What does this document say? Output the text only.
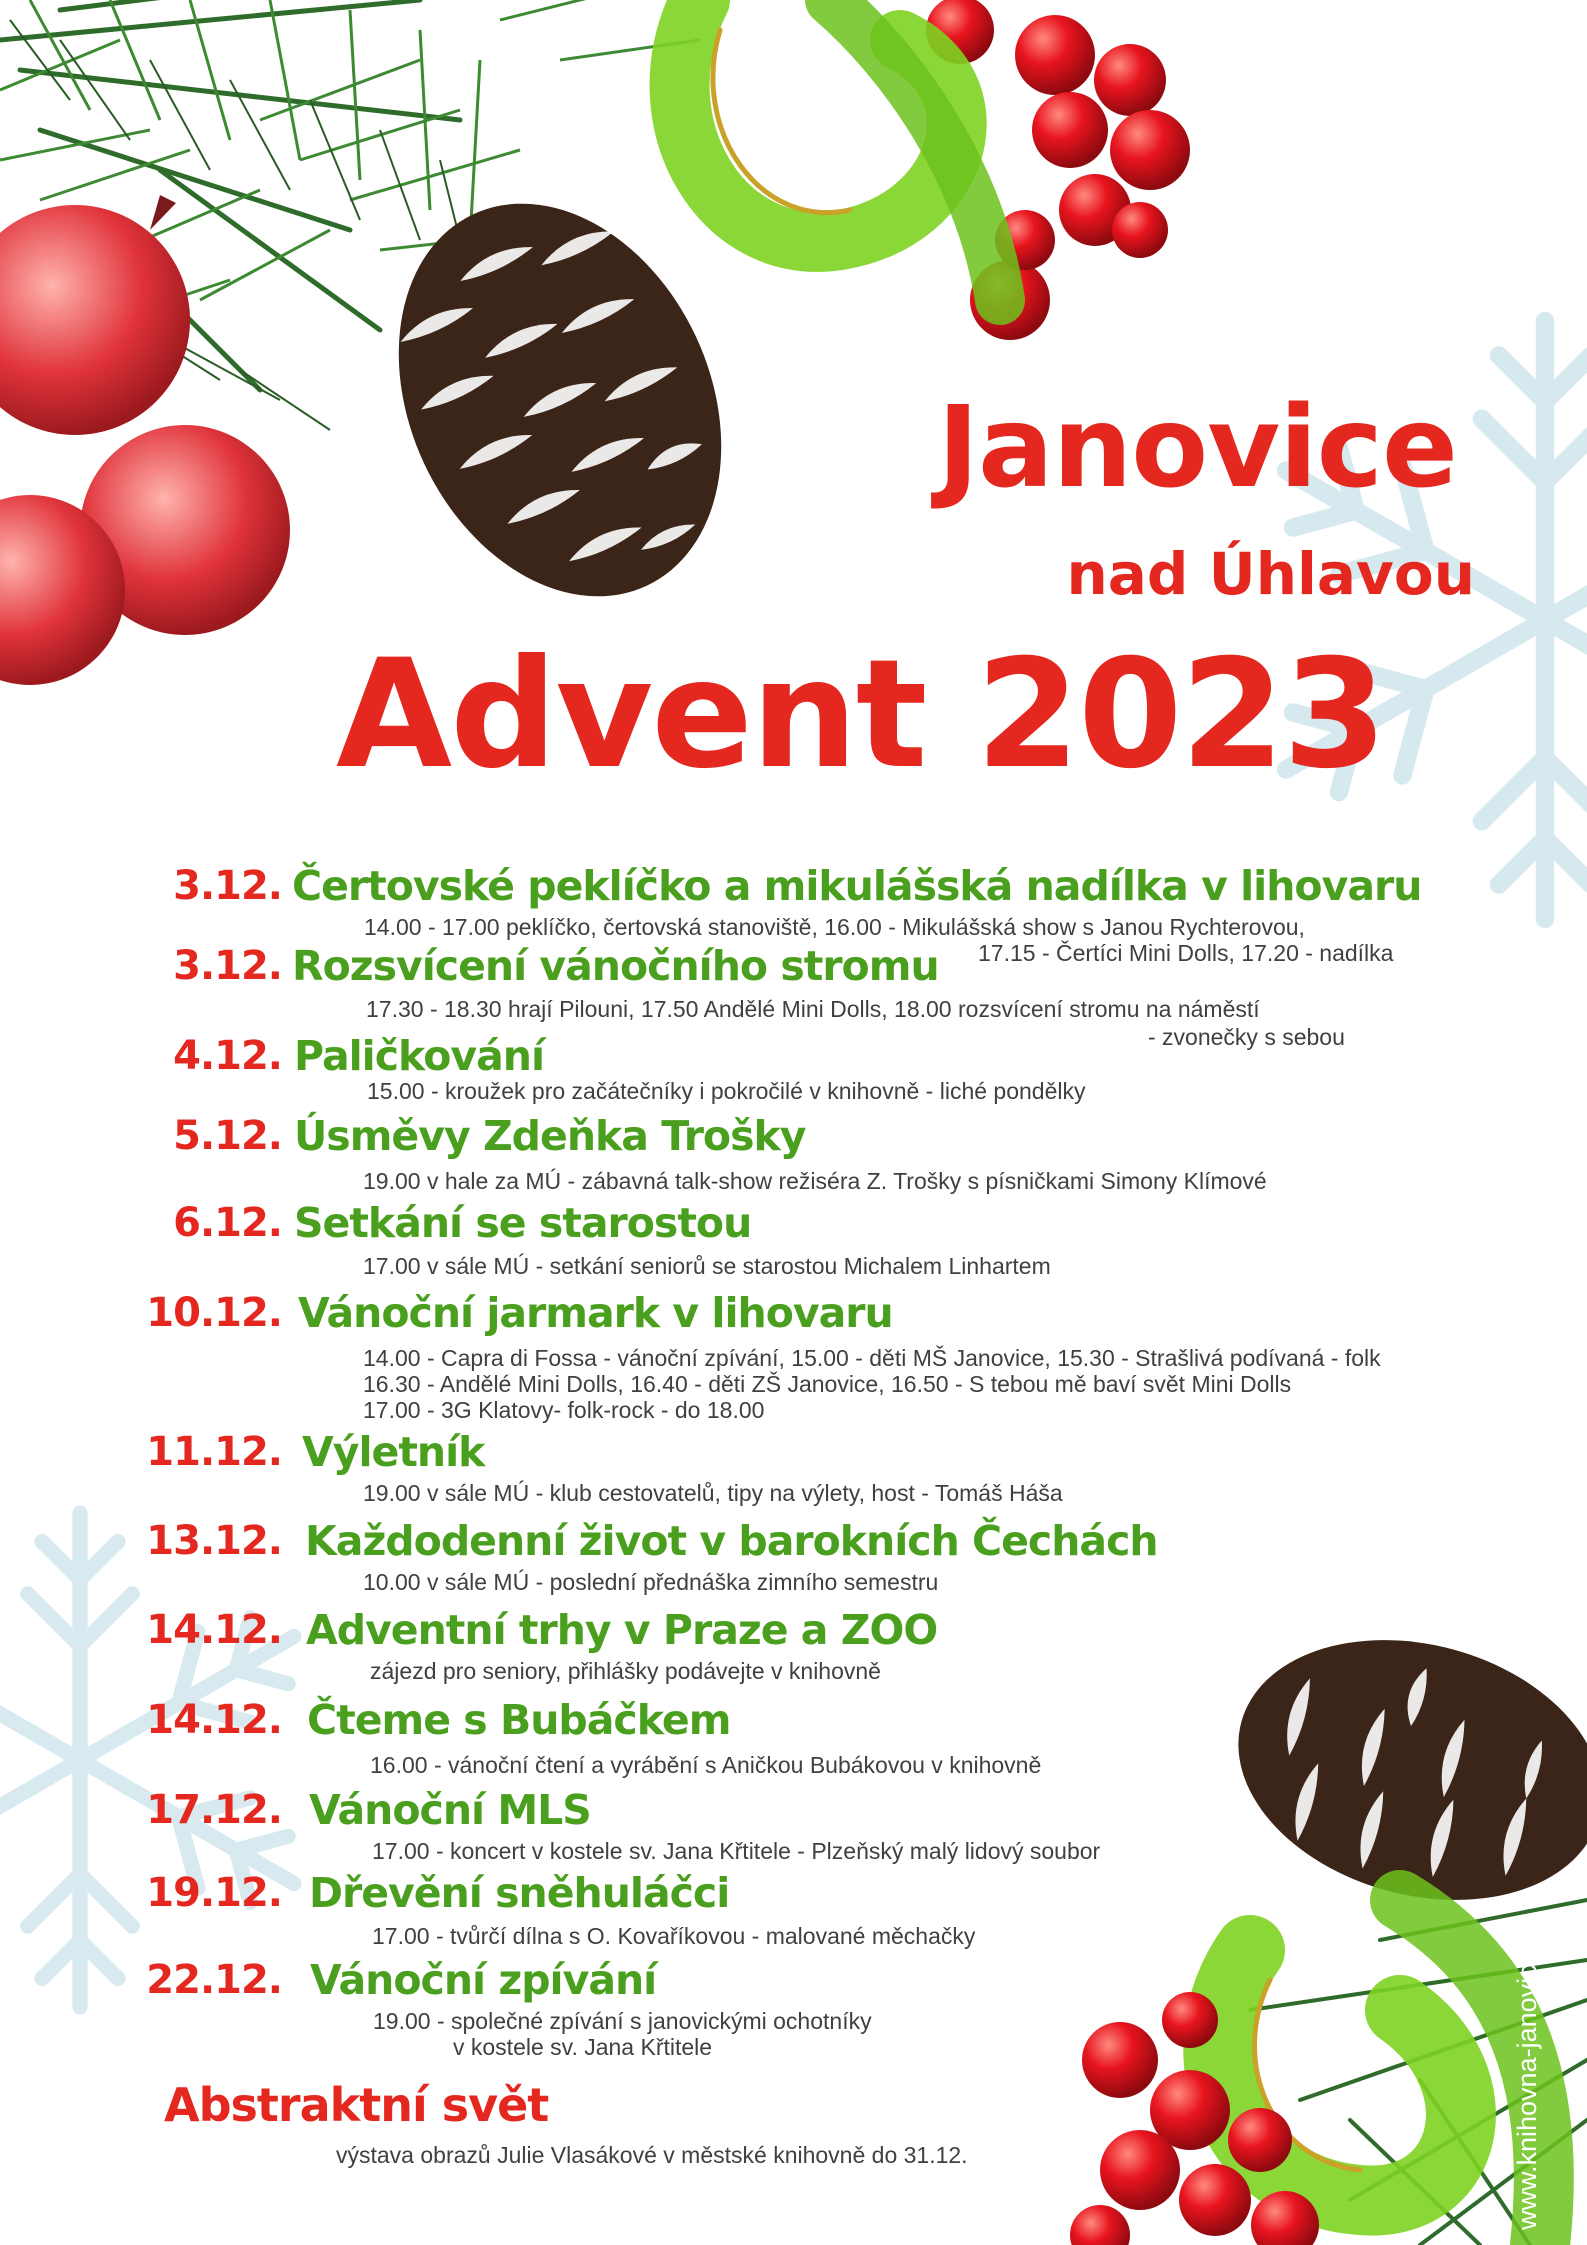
Janovice
nad Úhlavou
Advent 2023
3.12. Čertovské peklíčko a mikulášská nadílka v lihovaru
14.00 - 17.00 peklíčko, čertovská stanoviště, 16.00 - Mikulášská show s Janou Rychterovou,
17.15 - Čertíci Mini Dolls, 17.20 - nadílka
3.12. Rozsvícení vánočního stromu
17.30 - 18.30 hrají Pilouni, 17.50 Andělé Mini Dolls, 18.00 rozsvícení stromu na náměstí
- zvonečky s sebou
4.12. Paličkování
15.00 - kroužek pro začátečníky i pokročilé v knihovně - liché pondělky
5.12. Úsměvy Zdeňka Trošky
19.00 v hale za MÚ - zábavná talk-show režiséra Z. Trošky s písničkami Simony Klímové
6.12. Setkání se starostou
17.00 v sále MÚ - setkání seniorů se starostou Michalem Linhartem
10.12. Vánoční jarmark v lihovaru
14.00 - Capra di Fossa - vánoční zpívání, 15.00 - děti MŠ Janovice, 15.30 - Strašlivá podívaná - folk
16.30 - Andělé Mini Dolls, 16.40 - děti ZŠ Janovice, 16.50 - S tebou mě baví svět Mini Dolls
17.00 - 3G Klatovy- folk-rock - do 18.00
11.12. Výletník
19.00 v sále MÚ - klub cestovatelů, tipy na výlety, host - Tomáš Háša
13.12. Každodenní život v barokních Čechách
10.00 v sále MÚ - poslední přednáška zimního semestru
14.12. Adventní trhy v Praze a ZOO
zájezd pro seniory, přihlášky podávejte v knihovně
14.12. Čteme s Bubáčkem
16.00 - vánoční čtení a vyrábění s Aničkou Bubákovou v knihovně
17.12. Vánoční MLS
17.00 - koncert v kostele sv. Jana Křtitele - Plzeňský malý lidový soubor
19.12. Dřevění sněhuláčci
17.00 - tvůrčí dílna s O. Kovaříkovou - malované měchačky
22.12. Vánoční zpívání
19.00 - společné zpívání s janovickými ochotníky
v kostele sv. Jana Křtitele
Abstraktní svět
výstava obrazů Julie Vlasákové v městské knihovně do 31.12.	www.knihovna-janovice.cz
